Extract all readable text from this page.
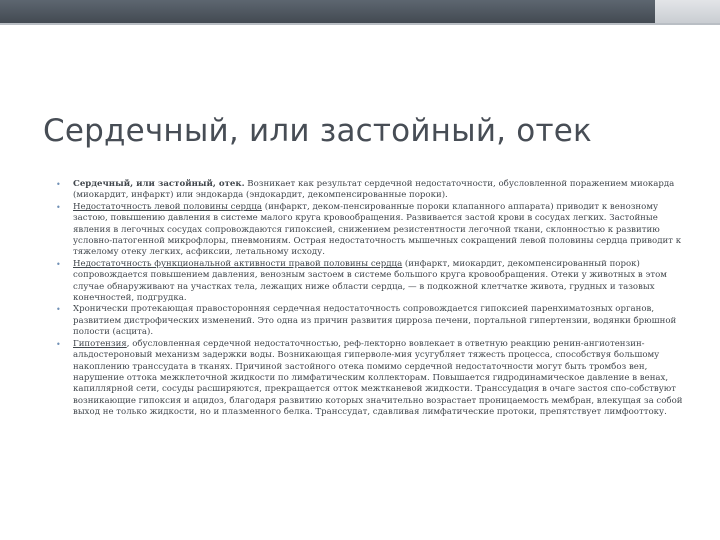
Сердечный, или застойный, отек
• Сердечный, или застойный, отек. Возникает как результат сердечной недостаточности, обусловленной поражением миокарда (миокардит, инфаркт) или эндокарда (эндокардит, декомпенсированные пороки).
• Недостаточность левой половины сердца (инфаркт, деком-пенсированные пороки клапанного аппарата) приводит к венозному застою, повышению давления в системе малого круга кровообращения. Развивается застой крови в сосудах легких. Застойные явления в легочных сосудах сопровождаются гипоксией, снижением резистентности легочной ткани, склонностью к развитию условно-патогенной микрофлоры, пневмониям. Острая недостаточность мышечных сокращений левой половины сердца приводит к тяжелому отеку легких, асфиксии, летальному исходу.
• Недостаточность функциональной активности правой половины сердца (инфаркт, миокардит, декомпенсированный порок) сопровождается повышением давления, венозным застоем в системе большого круга кровообращения. Отеки у животных в этом случае обнаруживают на участках тела, лежащих ниже области сердца, — в подкожной клетчатке живота, грудных и тазовых конечностей, подгрудка.
• Хронически протекающая правосторонняя сердечная недостаточность сопровождается гипоксией паренхиматозных органов, развитием дистрофических изменений. Это одна из причин развития цирроза печени, портальной гипертензии, водянки брюшной полости (асцита).
• Гипотензия, обусловленная сердечной недостаточностью, реф-лекторно вовлекает в ответную реакцию ренин-ангиотензин-альдостероновый механизм задержки воды. Возникающая гиперволе-мия усугубляет тяжесть процесса, способствуя большому накоплению транссудата в тканях. Причиной застойного отека помимо сердечной недостаточности могут быть тромбоз вен, нарушение оттока межклеточной жидкости по лимфатическим коллекторам. Повышается гидродинамическое давление в венах, капиллярной сети, сосуды расширяются, прекращается отток межтканевой жидкости. Транссудация в очаге застоя спо-собствуют возникающие гипоксия и ацидоз, благодаря развитию которых значительно возрастает проницаемость мембран, влекущая за собой выход не только жидкости, но и плазменного белка. Транссудат, сдавливая лимфатические протоки, препятствует лимфооттоку.
